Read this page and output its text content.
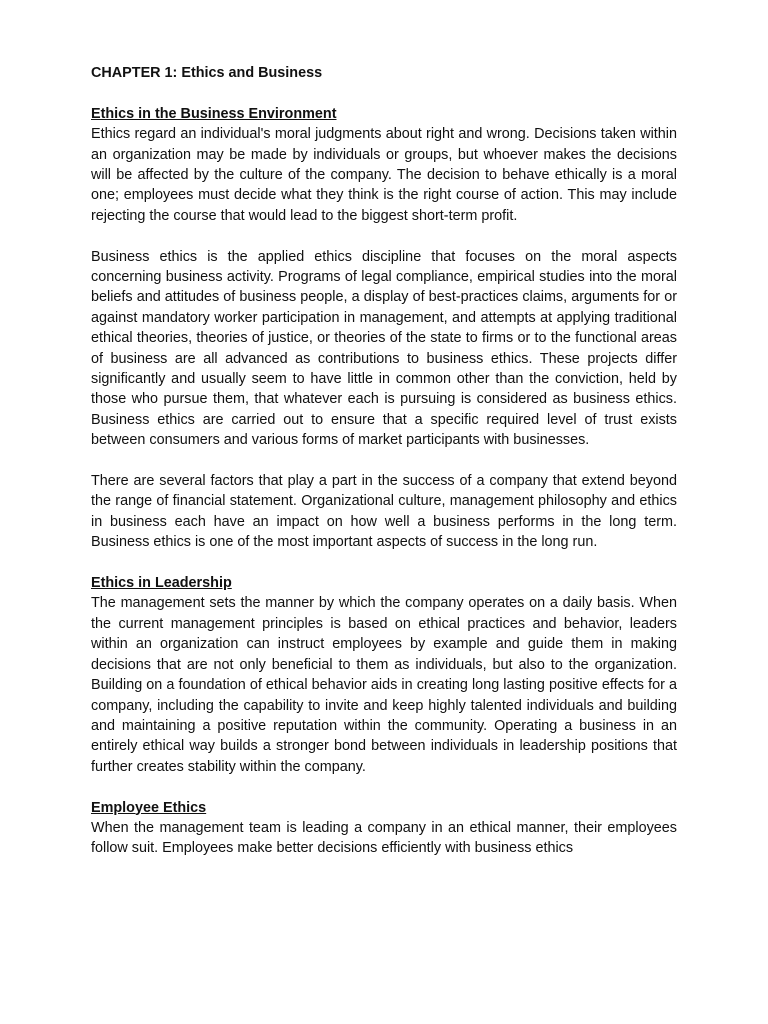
CHAPTER 1: Ethics and Business

Ethics in the Business Environment

Ethics regard an individual's moral judgments about right and wrong. Decisions taken within an organization may be made by individuals or groups, but whoever makes the decisions will be affected by the culture of the company. The decision to behave ethically is a moral one; employees must decide what they think is the right course of action. This may include rejecting the course that would lead to the biggest short-term profit.

Business ethics is the applied ethics discipline that focuses on the moral aspects concerning business activity. Programs of legal compliance, empirical studies into the moral beliefs and attitudes of business people, a display of best-practices claims, arguments for or against mandatory worker participation in management, and attempts at applying traditional ethical theories, theories of justice, or theories of the state to firms or to the functional areas of business are all advanced as contributions to business ethics. These projects differ significantly and usually seem to have little in common other than the conviction, held by those who pursue them, that whatever each is pursuing is considered as business ethics. Business ethics are carried out to ensure that a specific required level of trust exists between consumers and various forms of market participants with businesses.

There are several factors that play a part in the success of a company that extend beyond the range of financial statement. Organizational culture, management philosophy and ethics in business each have an impact on how well a business performs in the long term. Business ethics is one of the most important aspects of success in the long run.

Ethics in Leadership

The management sets the manner by which the company operates on a daily basis. When the current management principles is based on ethical practices and behavior, leaders within an organization can instruct employees by example and guide them in making decisions that are not only beneficial to them as individuals, but also to the organization. Building on a foundation of ethical behavior aids in creating long lasting positive effects for a company, including the capability to invite and keep highly talented individuals and building and maintaining a positive reputation within the community. Operating a business in an entirely ethical way builds a stronger bond between individuals in leadership positions that further creates stability within the company.

Employee Ethics

When the management team is leading a company in an ethical manner, their employees follow suit. Employees make better decisions efficiently with business ethics
